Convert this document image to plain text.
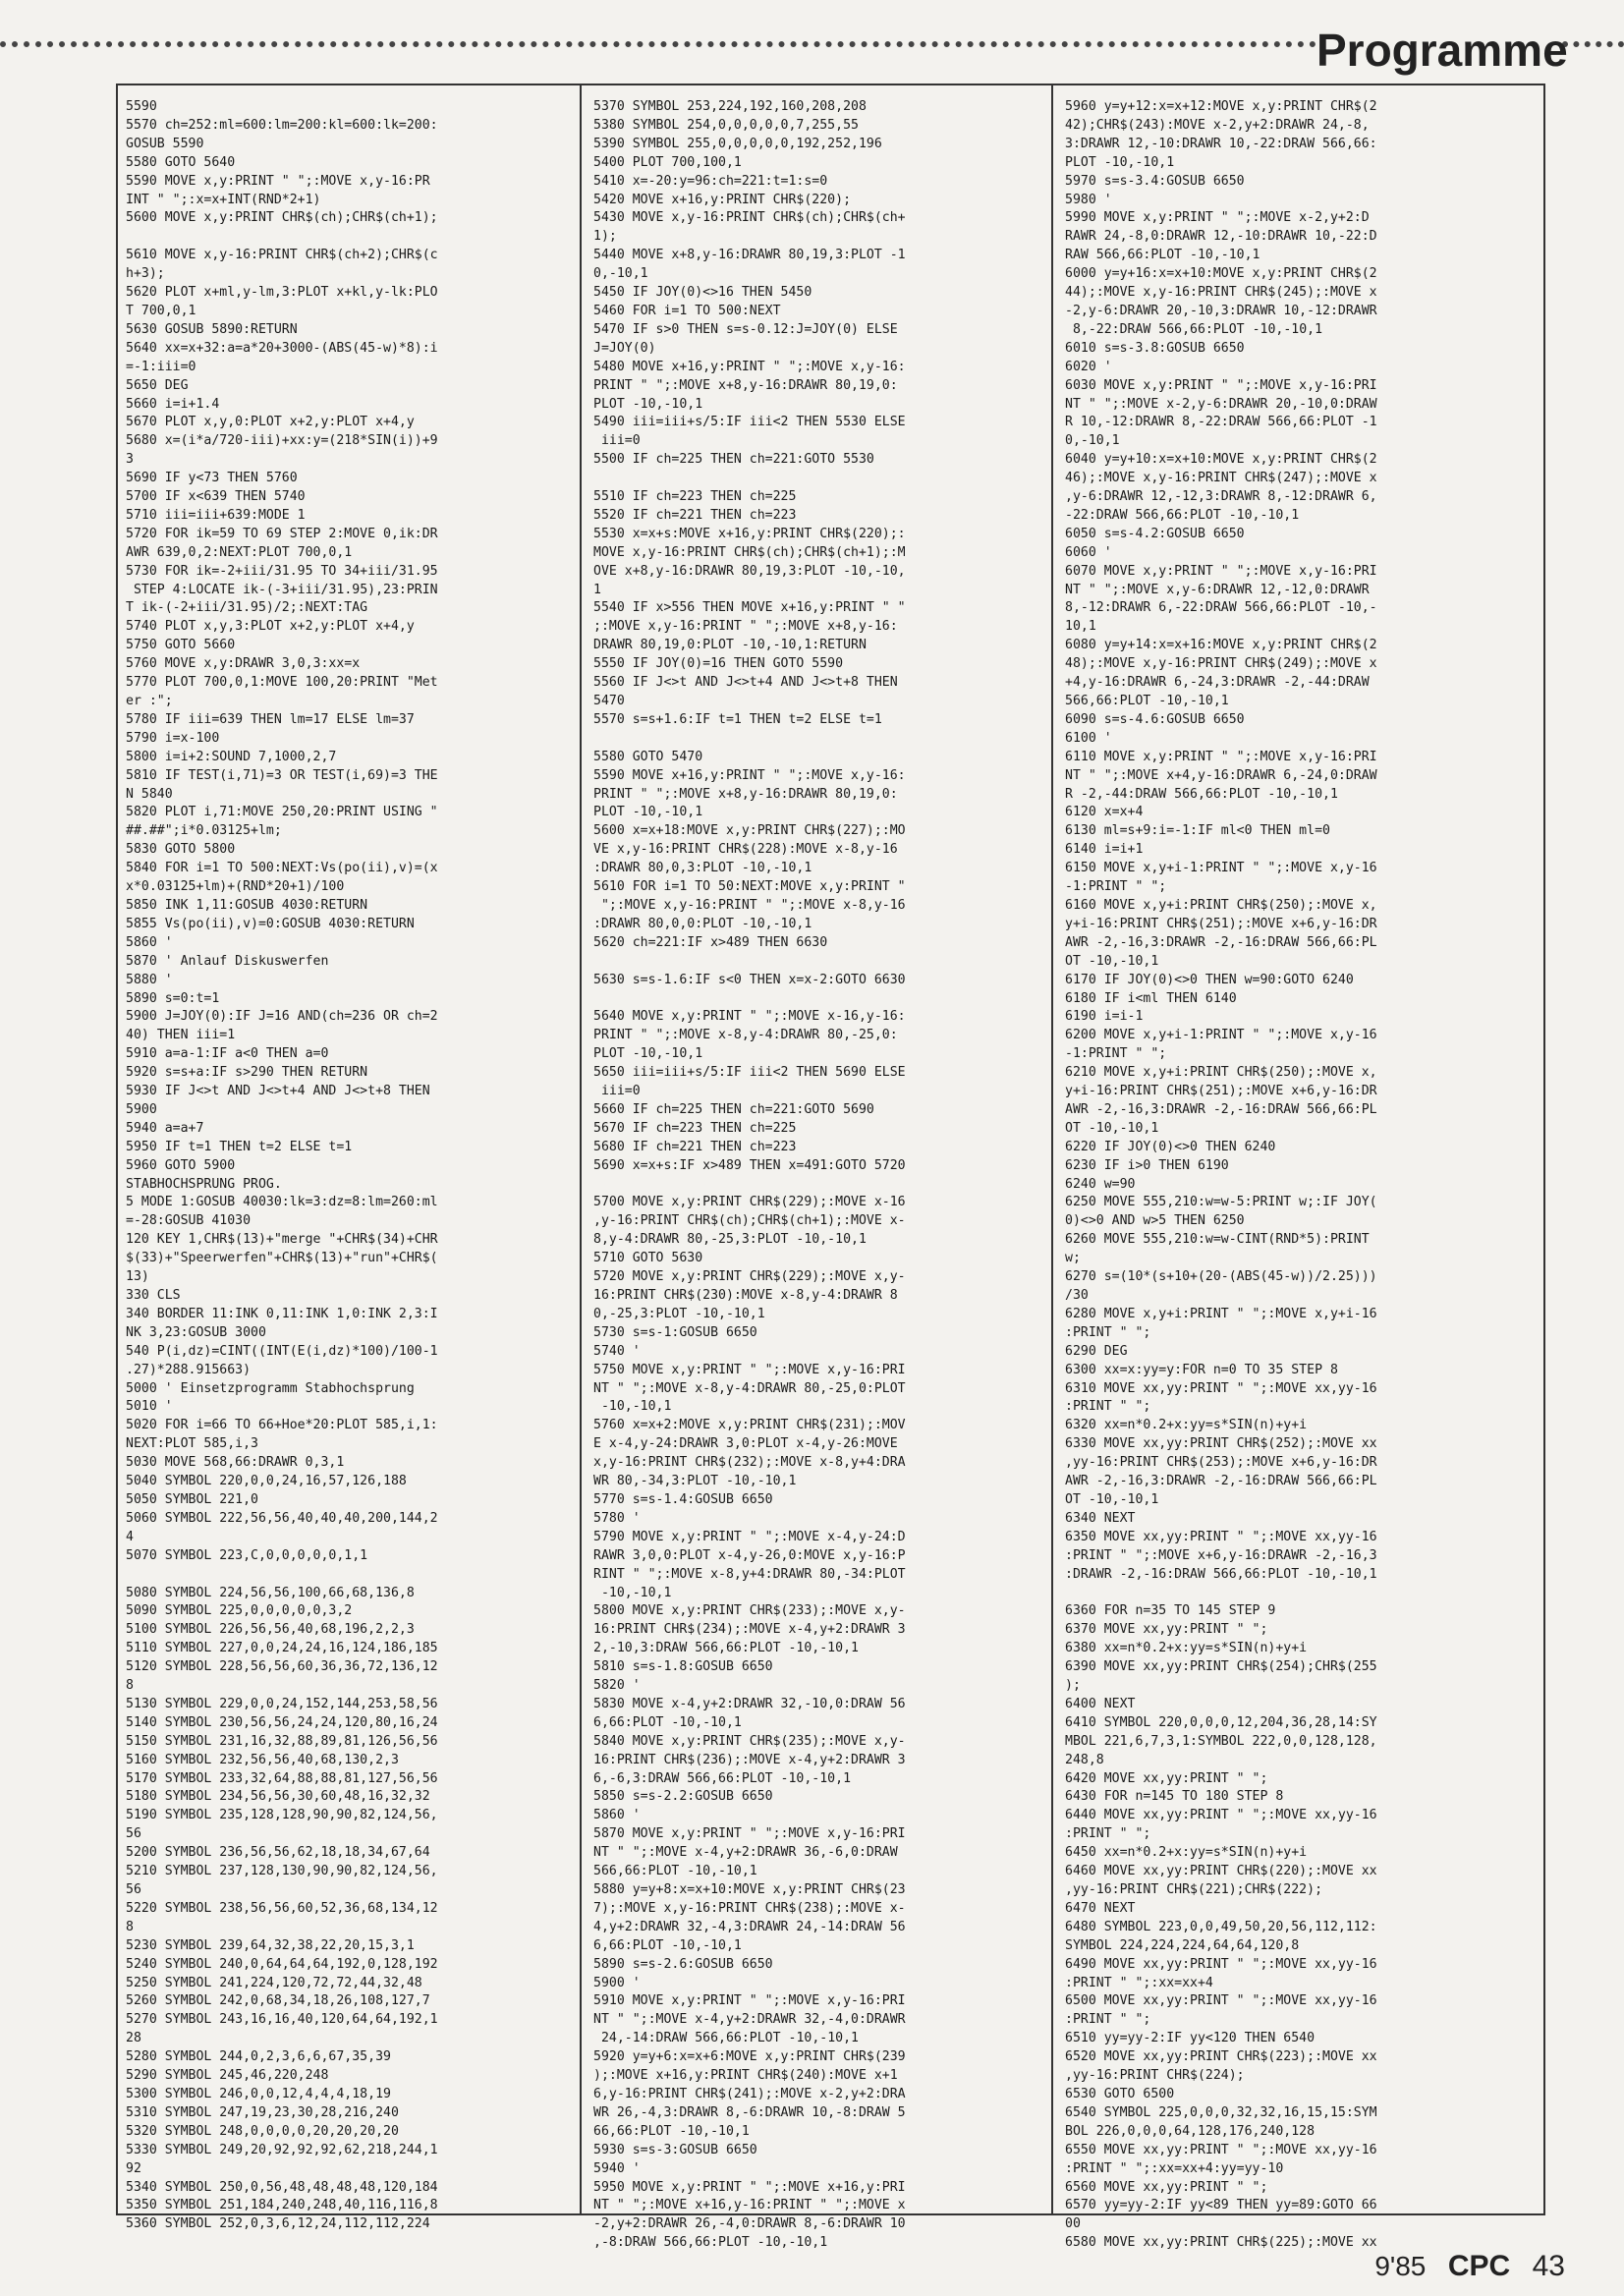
Programme
5590
5570 ch=252:ml=600:lm=200:kl=600:lk=200:
GOSUB 5590
5580 GOTO 5640
5590 MOVE x,y:PRINT " ";:MOVE x,y-16:PR
INT " ";:x=x+INT(RND*2+1)
5600 MOVE x,y:PRINT CHR$(ch);CHR$(ch+1);

5610 MOVE x,y-16:PRINT CHR$(ch+2);CHR$(c
h+3);
5620 PLOT x+ml,y-lm,3:PLOT x+kl,y-lk:PLO
T 700,0,1
5630 GOSUB 5890:RETURN
5640 xx=x+32:a=a*20+3000-(ABS(45-w)*8):i
=-1:iii=0
5650 DEG
5660 i=i+1.4
5670 PLOT x,y,0:PLOT x+2,y:PLOT x+4,y
5680 x=(i*a/720-iii)+xx:y=(218*SIN(i))+9
3
5690 IF y<73 THEN 5760
5700 IF x<639 THEN 5740
5710 iii=iii+639:MODE 1
5720 FOR ik=59 TO 69 STEP 2:MOVE 0,ik:DR
AWR 639,0,2:NEXT:PLOT 700,0,1
5730 FOR ik=-2+iii/31.95 TO 34+iii/31.95
STEP 4:LOCATE ik-(-3+iii/31.95),23:PRIN
T ik-(-2+iii/31.95)/2;:NEXT:TAG
5740 PLOT x,y,3:PLOT x+2,y:PLOT x+4,y
5750 GOTO 5660
5760 MOVE x,y:DRAWR 3,0,3:xx=x
5770 PLOT 700,0,1:MOVE 100,20:PRINT "Met
er :";
5780 IF iii=639 THEN lm=17 ELSE lm=37
5790 i=x-100
5800 i=i+2:SOUND 7,1000,2,7
5810 IF TEST(i,71)=3 OR TEST(i,69)=3 THE
N 5840
5820 PLOT i,71:MOVE 250,20:PRINT USING "
##.##";i*0.03125+lm;
5830 GOTO 5800
5840 FOR i=1 TO 500:NEXT:Vs(po(ii),v)=(x
x*0.03125+lm)+(RND*20+1)/100
5850 INK 1,11:GOSUB 4030:RETURN
5855 Vs(po(ii),v)=0:GOSUB 4030:RETURN
5860 '
5870 ' Anlauf Diskuswerfen
5880 '
5890 s=0:t=1
5900 J=JOY(0):IF J=16 AND(ch=236 OR ch=2
40) THEN iii=1
5910 a=a-1:IF a<0 THEN a=0
5920 s=s+a:IF s>290 THEN RETURN
5930 IF J<>t AND J<>t+4 AND J<>t+8 THEN
5900
5940 a=a+7
5950 IF t=1 THEN t=2 ELSE t=1
5960 GOTO 5900
STABHOCHSPRUNG PROG.
5 MODE 1:GOSUB 40030:lk=3:dz=8:lm=260:ml
=-28:GOSUB 41030
120 KEY 1,CHR$(13)+"merge "+CHR$(34)+CHR
$(33)+"Speerwerfen"+CHR$(13)+"run"+CHR$(
13)
330 CLS
340 BORDER 11:INK 0,11:INK 1,0:INK 2,3:I
NK 3,23:GOSUB 3000
540 P(i,dz)=CINT((INT(E(i,dz)*100)/100-1
.27)*288.915663)
5000 ' Einsetzprogramm Stabhochsprung
5010 '
5020 FOR i=66 TO 66+Hoe*20:PLOT 585,i,1:
NEXT:PLOT 585,i,3
5030 MOVE 568,66:DRAWR 0,3,1
5040 SYMBOL 220,0,0,24,16,57,126,188
5050 SYMBOL 221,0
5060 SYMBOL 222,56,56,40,40,40,200,144,2
4
5070 SYMBOL 223,C,0,0,0,0,0,1,1

5080 SYMBOL 224,56,56,100,66,68,136,8
5090 SYMBOL 225,0,0,0,0,0,3,2
5100 SYMBOL 226,56,56,40,68,196,2,2,3
5110 SYMBOL 227,0,0,24,24,16,124,186,185
5120 SYMBOL 228,56,56,60,36,36,72,136,12
8
5130 SYMBOL 229,0,0,24,152,144,253,58,56
5140 SYMBOL 230,56,56,24,24,120,80,16,24
5150 SYMBOL 231,16,32,88,89,81,126,56,56
5160 SYMBOL 232,56,56,40,68,130,2,3
5170 SYMBOL 233,32,64,88,88,81,127,56,56
5180 SYMBOL 234,56,56,30,60,48,16,32,32
5190 SYMBOL 235,128,128,90,90,82,124,56,
56
5200 SYMBOL 236,56,56,62,18,18,34,67,64
5210 SYMBOL 237,128,130,90,90,82,124,56,
56
5220 SYMBOL 238,56,56,60,52,36,68,134,12
8
5230 SYMBOL 239,64,32,38,22,20,15,3,1
5240 SYMBOL 240,0,64,64,64,192,0,128,192
5250 SYMBOL 241,224,120,72,72,44,32,48
5260 SYMBOL 242,0,68,34,18,26,108,127,7
5270 SYMBOL 243,16,16,40,120,64,64,192,1
28
5280 SYMBOL 244,0,2,3,6,6,67,35,39
5290 SYMBOL 245,46,220,248
5300 SYMBOL 246,0,0,12,4,4,4,18,19
5310 SYMBOL 247,19,23,30,28,216,240
5320 SYMBOL 248,0,0,0,0,20,20,20,20
5330 SYMBOL 249,20,92,92,92,62,218,244,1
92
5340 SYMBOL 250,0,56,48,48,48,48,120,184
5350 SYMBOL 251,184,240,248,40,116,116,8
5360 SYMBOL 252,0,3,6,12,24,112,112,224
5370 SYMBOL 253,224,192,160,208,208
5380 SYMBOL 254,0,0,0,0,0,7,255,55
5390 SYMBOL 255,0,0,0,0,0,192,252,196
5400 PLOT 700,100,1
5410 x=-20:y=96:ch=221:t=1:s=0
5420 MOVE x+16,y:PRINT CHR$(220);
5430 MOVE x,y-16:PRINT CHR$(ch);CHR$(ch+
1);
5440 MOVE x+8,y-16:DRAWR 80,19,3:PLOT -1
0,-10,1
5450 IF JOY(0)<>16 THEN 5450
5460 FOR i=1 TO 500:NEXT
5470 IF s>0 THEN s=s-0.12:J=JOY(0) ELSE
J=JOY(0)
5480 MOVE x+16,y:PRINT " ";:MOVE x,y-16:
PRINT " ";:MOVE x+8,y-16:DRAWR 80,19,0:
PLOT -10,-10,1
5490 iii=iii+s/5:IF iii<2 THEN 5530 ELSE
iii=0
5500 IF ch=225 THEN ch=221:GOTO 5530

5510 IF ch=223 THEN ch=225
5520 IF ch=221 THEN ch=223
5530 x=x+s:MOVE x+16,y:PRINT CHR$(220);:
MOVE x,y-16:PRINT CHR$(ch);CHR$(ch+1);:M
OVE x+8,y-16:DRAWR 80,19,3:PLOT -10,-10,
1
5540 IF x>556 THEN MOVE x+16,y:PRINT " "
;:MOVE x,y-16:PRINT " ";:MOVE x+8,y-16:
DRAWR 80,19,0:PLOT -10,-10,1:RETURN
5550 IF JOY(0)=16 THEN GOTO 5590
5560 IF J<>t AND J<>t+4 AND J<>t+8 THEN
5470
5570 s=s+1.6:IF t=1 THEN t=2 ELSE t=1

5580 GOTO 5470
5590 MOVE x+16,y:PRINT " ";:MOVE x,y-16:
PRINT " ";:MOVE x+8,y-16:DRAWR 80,19,0:
PLOT -10,-10,1
5600 x=x+18:MOVE x,y:PRINT CHR$(227);:MO
VE x,y-16:PRINT CHR$(228):MOVE x-8,y-16
:DRAWR 80,0,3:PLOT -10,-10,1
5610 FOR i=1 TO 50:NEXT:MOVE x,y:PRINT "
";:MOVE x,y-16:PRINT " ";:MOVE x-8,y-16
:DRAWR 80,0,0:PLOT -10,-10,1
5620 ch=221:IF x>489 THEN 6630

5630 s=s-1.6:IF s<0 THEN x=x-2:GOTO 6630

5640 MOVE x,y:PRINT " ";:MOVE x-16,y-16:
PRINT " ";:MOVE x-8,y-4:DRAWR 80,-25,0:
PLOT -10,-10,1
5650 iii=iii+s/5:IF iii<2 THEN 5690 ELSE
iii=0
5660 IF ch=225 THEN ch=221:GOTO 5690
5670 IF ch=223 THEN ch=225
5680 IF ch=221 THEN ch=223
5690 x=x+s:IF x>489 THEN x=491:GOTO 5720

5700 MOVE x,y:PRINT CHR$(229);:MOVE x-16
,y-16:PRINT CHR$(ch);CHR$(ch+1);:MOVE x-
8,y-4:DRAWR 80,-25,3:PLOT -10,-10,1
5710 GOTO 5630
5720 MOVE x,y:PRINT CHR$(229);:MOVE x,y-
16:PRINT CHR$(230):MOVE x-8,y-4:DRAWR 8
0,-25,3:PLOT -10,-10,1
5730 s=s-1:GOSUB 6650
5740 '
5750 MOVE x,y:PRINT " ";:MOVE x,y-16:PRI
NT " ";:MOVE x-8,y-4:DRAWR 80,-25,0:PLOT
-10,-10,1
5760 x=x+2:MOVE x,y:PRINT CHR$(231);:MOV
E x-4,y-24:DRAWR 3,0:PLOT x-4,y-26:MOVE
x,y-16:PRINT CHR$(232);:MOVE x-8,y+4:DRA
WR 80,-34,3:PLOT -10,-10,1
5770 s=s-1.4:GOSUB 6650
5780 '
5790 MOVE x,y:PRINT " ";:MOVE x-4,y-24:D
RAWR 3,0,0:PLOT x-4,y-26,0:MOVE x,y-16:P
RINT " ";:MOVE x-8,y+4:DRAWR 80,-34:PLOT
-10,-10,1
5800 MOVE x,y:PRINT CHR$(233);:MOVE x,y-
16:PRINT CHR$(234);:MOVE x-4,y+2:DRAWR 3
2,-10,3:DRAW 566,66:PLOT -10,-10,1
5810 s=s-1.8:GOSUB 6650
5820 '
5830 MOVE x-4,y+2:DRAWR 32,-10,0:DRAW 56
6,66:PLOT -10,-10,1
5840 MOVE x,y:PRINT CHR$(235);:MOVE x,y-
16:PRINT CHR$(236);:MOVE x-4,y+2:DRAWR 3
6,-6,3:DRAW 566,66:PLOT -10,-10,1
5850 s=s-2.2:GOSUB 6650
5860 '
5870 MOVE x,y:PRINT " ";:MOVE x,y-16:PRI
NT " ";:MOVE x-4,y+2:DRAWR 36,-6,0:DRAW
566,66:PLOT -10,-10,1
5880 y=y+8:x=x+10:MOVE x,y:PRINT CHR$(23
7);:MOVE x,y-16:PRINT CHR$(238);:MOVE x-
4,y+2:DRAWR 32,-4,3:DRAWR 24,-14:DRAW 56
6,66:PLOT -10,-10,1
5890 s=s-2.6:GOSUB 6650
5900 '
5910 MOVE x,y:PRINT " ";:MOVE x,y-16:PRI
NT " ";:MOVE x-4,y+2:DRAWR 32,-4,0:DRAWR
24,-14:DRAW 566,66:PLOT -10,-10,1
5920 y=y+6:x=x+6:MOVE x,y:PRINT CHR$(239
);:MOVE x+16,y:PRINT CHR$(240):MOVE x+1
6,y-16:PRINT CHR$(241);:MOVE x-2,y+2:DRA
WR 26,-4,3:DRAWR 8,-6:DRAWR 10,-8:DRAW 5
66,66:PLOT -10,-10,1
5930 s=s-3:GOSUB 6650
5940 '
5950 MOVE x,y:PRINT " ";:MOVE x+16,y:PRI
NT " ";:MOVE x+16,y-16:PRINT " ";:MOVE x
-2,y+2:DRAWR 26,-4,0:DRAWR 8,-6:DRAWR 10
,-8:DRAW 566,66:PLOT -10,-10,1
5960 y=y+12:x=x+12:MOVE x,y:PRINT CHR$(2
42);CHR$(243):MOVE x-2,y+2:DRAWR 24,-8,
3:DRAWR 12,-10:DRAWR 10,-22:DRAW 566,66:
PLOT -10,-10,1
5970 s=s-3.4:GOSUB 6650
5980 '
5990 MOVE x,y:PRINT " ";:MOVE x-2,y+2:D
RAWR 24,-8,0:DRAWR 12,-10:DRAWR 10,-22:D
RAW 566,66:PLOT -10,-10,1
6000 y=y+16:x=x+10:MOVE x,y:PRINT CHR$(2
44);:MOVE x,y-16:PRINT CHR$(245);:MOVE x
-2,y-6:DRAWR 20,-10,3:DRAWR 10,-12:DRAWR
8,-22:DRAW 566,66:PLOT -10,-10,1
6010 s=s-3.8:GOSUB 6650
6020 '
6030 MOVE x,y:PRINT " ";:MOVE x,y-16:PRI
NT " ";:MOVE x-2,y-6:DRAWR 20,-10,0:DRAW
R 10,-12:DRAWR 8,-22:DRAW 566,66:PLOT -1
0,-10,1
6040 y=y+10:x=x+10:MOVE x,y:PRINT CHR$(2
46);:MOVE x,y-16:PRINT CHR$(247);:MOVE x
,y-6:DRAWR 12,-12,3:DRAWR 8,-12:DRAWR 6,
-22:DRAW 566,66:PLOT -10,-10,1
6050 s=s-4.2:GOSUB 6650
6060 '
6070 MOVE x,y:PRINT " ";:MOVE x,y-16:PRI
NT " ";:MOVE x,y-6:DRAWR 12,-12,0:DRAWR
8,-12:DRAWR 6,-22:DRAW 566,66:PLOT -10,-
10,1
6080 y=y+14:x=x+16:MOVE x,y:PRINT CHR$(2
48);:MOVE x,y-16:PRINT CHR$(249);:MOVE x
+4,y-16:DRAWR 6,-24,3:DRAWR -2,-44:DRAW
566,66:PLOT -10,-10,1
6090 s=s-4.6:GOSUB 6650
6100 '
6110 MOVE x,y:PRINT " ";:MOVE x,y-16:PRI
NT " ";:MOVE x+4,y-16:DRAWR 6,-24,0:DRAW
R -2,-44:DRAW 566,66:PLOT -10,-10,1
6120 x=x+4
6130 ml=s+9:i=-1:IF ml<0 THEN ml=0
6140 i=i+1
6150 MOVE x,y+i-1:PRINT " ";:MOVE x,y-16
-1:PRINT " ";
6160 MOVE x,y+i:PRINT CHR$(250);:MOVE x,
y+i-16:PRINT CHR$(251);:MOVE x+6,y-16:DR
AWR -2,-16,3:DRAWR -2,-16:DRAW 566,66:PL
OT -10,-10,1
6170 IF JOY(0)<>0 THEN w=90:GOTO 6240
6180 IF i<ml THEN 6140
6190 i=i-1
6200 MOVE x,y+i-1:PRINT " ";:MOVE x,y-16
-1:PRINT " ";
6210 MOVE x,y+i:PRINT CHR$(250);:MOVE x,
y+i-16:PRINT CHR$(251);:MOVE x+6,y-16:DR
AWR -2,-16,3:DRAWR -2,-16:DRAW 566,66:PL
OT -10,-10,1
6220 IF JOY(0)<>0 THEN 6240
6230 IF i>0 THEN 6190
6240 w=90
6250 MOVE 555,210:w=w-5:PRINT w;:IF JOY(
0)<>0 AND w>5 THEN 6250
6260 MOVE 555,210:w=w-CINT(RND*5):PRINT
w;
6270 s=(10*(s+10+(20-(ABS(45-w))/2.25)))
/30
6280 MOVE x,y+i:PRINT " ";:MOVE x,y+i-16
:PRINT " ";
6290 DEG
6300 xx=x:yy=y:FOR n=0 TO 35 STEP 8
6310 MOVE xx,yy:PRINT " ";:MOVE xx,yy-16
:PRINT " ";
6320 xx=n*0.2+x:yy=s*SIN(n)+y+i
6330 MOVE xx,yy:PRINT CHR$(252);:MOVE xx
,yy-16:PRINT CHR$(253);:MOVE x+6,y-16:DR
AWR -2,-16,3:DRAWR -2,-16:DRAW 566,66:PL
OT -10,-10,1
6340 NEXT
6350 MOVE xx,yy:PRINT " ";:MOVE xx,yy-16
:PRINT " ";:MOVE x+6,y-16:DRAWR -2,-16,3
:DRAWR -2,-16:DRAW 566,66:PLOT -10,-10,1

6360 FOR n=35 TO 145 STEP 9
6370 MOVE xx,yy:PRINT " ";
6380 xx=n*0.2+x:yy=s*SIN(n)+y+i
6390 MOVE xx,yy:PRINT CHR$(254);CHR$(255
);
6400 NEXT
6410 SYMBOL 220,0,0,0,12,204,36,28,14:SY
MBOL 221,6,7,3,1:SYMBOL 222,0,0,128,128,
248,8
6420 MOVE xx,yy:PRINT " ";
6430 FOR n=145 TO 180 STEP 8
6440 MOVE xx,yy:PRINT " ";:MOVE xx,yy-16
:PRINT " ";
6450 xx=n*0.2+x:yy=s*SIN(n)+y+i
6460 MOVE xx,yy:PRINT CHR$(220);:MOVE xx
,yy-16:PRINT CHR$(221);CHR$(222);
6470 NEXT
6480 SYMBOL 223,0,0,49,50,20,56,112,112:
SYMBOL 224,224,224,64,64,120,8
6490 MOVE xx,yy:PRINT " ";:MOVE xx,yy-16
:PRINT " ";:xx=xx+4
6500 MOVE xx,yy:PRINT " ";:MOVE xx,yy-16
:PRINT " ";
6510 yy=yy-2:IF yy<120 THEN 6540
6520 MOVE xx,yy:PRINT CHR$(223);:MOVE xx
,yy-16:PRINT CHR$(224);
6530 GOTO 6500
6540 SYMBOL 225,0,0,0,32,32,16,15,15:SYM
BOL 226,0,0,0,64,128,176,240,128
6550 MOVE xx,yy:PRINT " ";:MOVE xx,yy-16
:PRINT " ";:xx=xx+4:yy=yy-10
6560 MOVE xx,yy:PRINT " ";
6570 yy=yy-2:IF yy<89 THEN yy=89:GOTO 66
00
6580 MOVE xx,yy:PRINT CHR$(225);:MOVE xx
9'85 CPC 43
